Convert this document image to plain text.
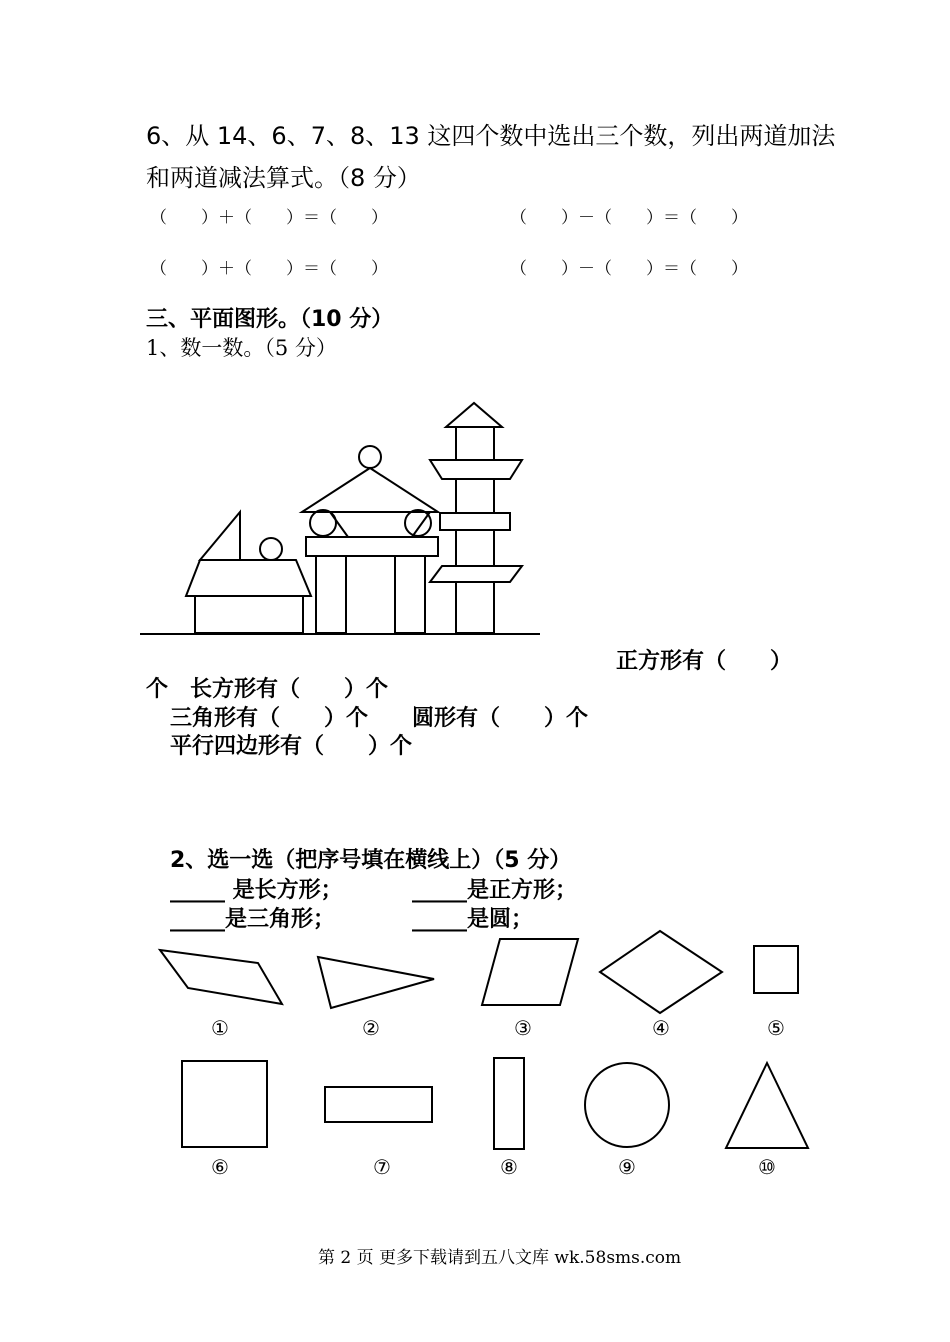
6、从 14、6、7、8、13 这四个数中选出三个数，列出两道加法
和两道减法算式。（8 分）
（　　）＋（　　）＝（　　）	（　　）－（　　）＝（　　）
（　　）＋（　　）＝（　　）	（　　）－（　　）＝（　　）
三、平面图形。（10 分）
1、数一数。（5 分）
正方形有（　　）
个　长方形有（　　）个
三角形有（　　）个　　圆形有（　　）个
平行四边形有（　　）个
2、选一选（把序号填在横线上）（5 分）
_____ 是长方形；	_____是正方形；
_____是三角形；	_____是圆；
①	②	③	④	⑤
⑥	⑦	⑧	⑨	⑩
第 2 页 更多下载请到五八文库 wk.58sms.com
